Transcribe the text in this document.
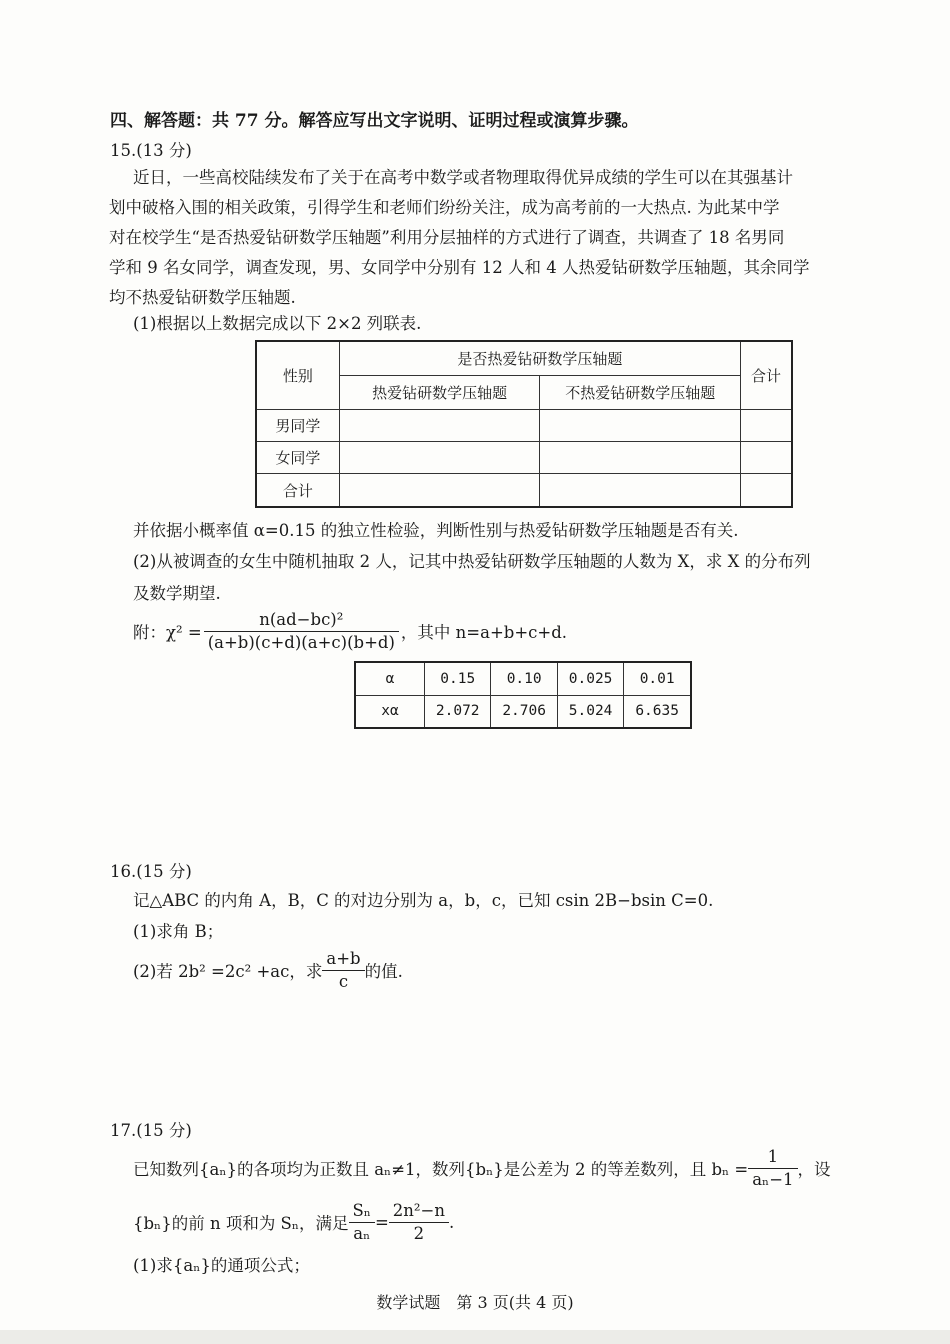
四、解答题：共 77 分。解答应写出文字说明、证明过程或演算步骤。
15.(13 分)
近日，一些高校陆续发布了关于在高考中数学或者物理取得优异成绩的学生可以在其强基计
划中破格入围的相关政策，引得学生和老师们纷纷关注，成为高考前的一大热点. 为此某中学
对在校学生“是否热爱钻研数学压轴题”利用分层抽样的方式进行了调查，共调查了 18 名男同
学和 9 名女同学，调查发现，男、女同学中分别有 12 人和 4 人热爱钻研数学压轴题，其余同学
均不热爱钻研数学压轴题.
(1)根据以上数据完成以下 2×2 列联表.
性别	是否热爱钻研数学压轴题		合计
	热爱钻研数学压轴题	不热爱钻研数学压轴题	
男同学			
女同学			
合计			
并依据小概率值 α=0.15 的独立性检验，判断性别与热爱钻研数学压轴题是否有关.
(2)从被调查的女生中随机抽取 2 人，记其中热爱钻研数学压轴题的人数为 X，求 X 的分布列
及数学期望.
附：$\chi^2 = \frac{\text{n(ad−bc)²}}{(a+b)(c+d)(a+c)(b+d)}$ ，其中 n=a+b+c+d.
α	0.15	0.10	0.025	0.01
xα	2.072	2.706	5.024	6.635
16.(15 分)
记△ABC 的内角 A，B，C 的对边分别为 a，b，c，已知 csin 2B−bsin C=0.
(1)求角 B；
(2)若 2b² =2c² +ac，求 $\frac{a+b}{c}$ 的值.
17.(15 分)
已知数列{aₙ}的各项均为正数且 aₙ≠1，数列{bₙ}是公差为 2 的等差数列，且 $b_n = \frac{1}{\text{aₙ−1}}$ ，设
{bₙ}的前 n 项和为 Sₙ，满足 $\frac{\text{Sₙ}}{\text{aₙ}} = \frac{\text{2n²−n}}{2}$ .
(1)求{aₙ}的通项公式；
数学试题　第 3 页(共 4 页)
